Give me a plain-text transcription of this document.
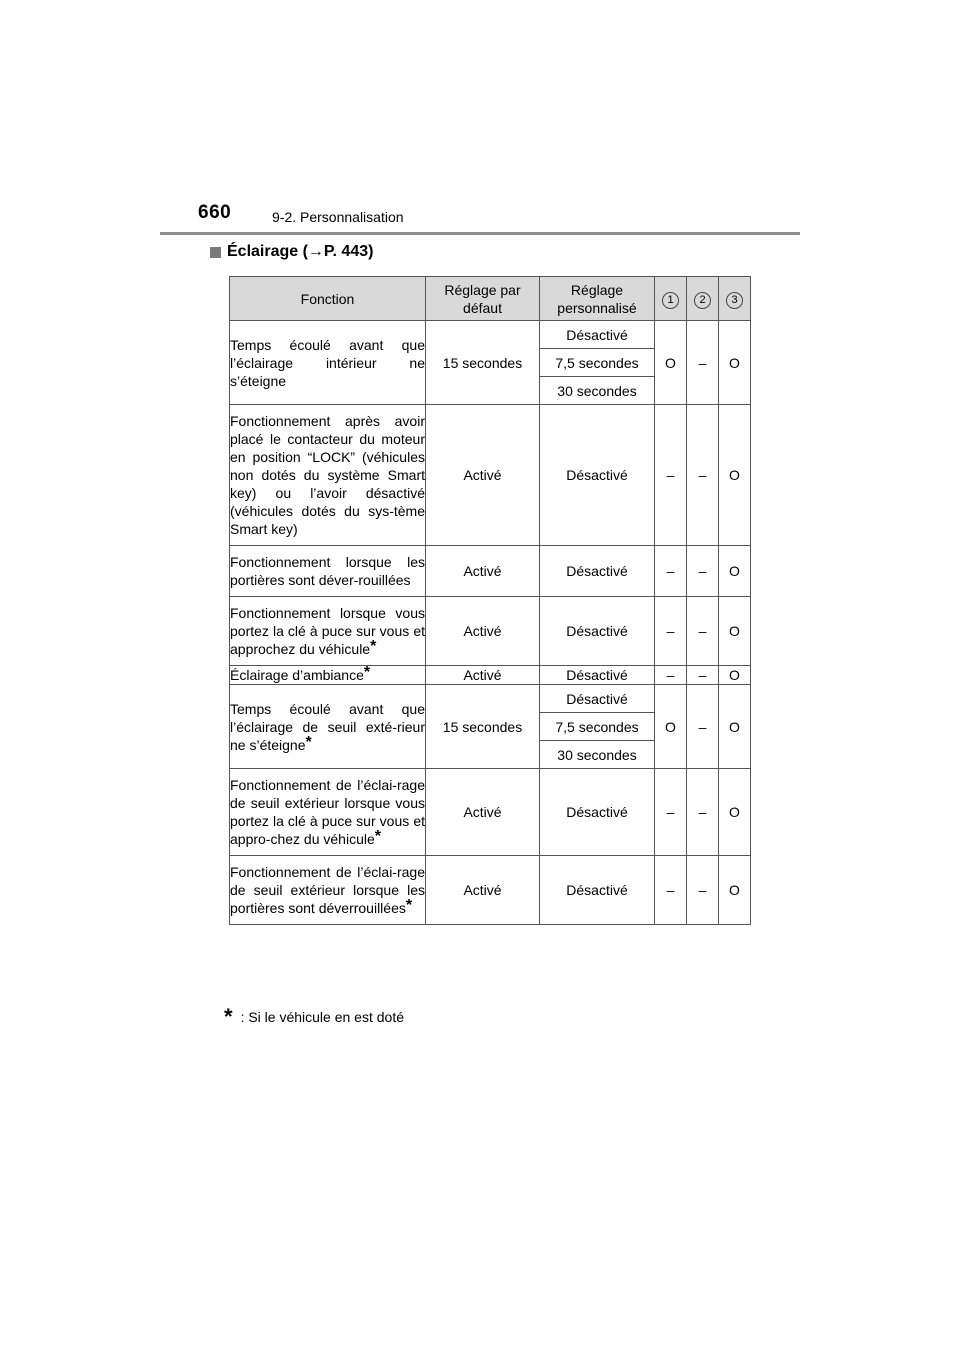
660	9-2. Personnalisation
Éclairage (→P. 443)
Fonction	Réglage par défaut	Réglage personnalisé	1	2	3
Temps écoulé avant que l’éclairage intérieur ne s’éteigne	15 secondes	Désactivé	O	–	O
		7,5 secondes			
		30 secondes			
Fonctionnement après avoir placé le contacteur du moteur en position “LOCK” (véhicules non dotés du système Smart key) ou l’avoir désactivé (véhicules dotés du sys-tème Smart key)	Activé	Désactivé	–	–	O
Fonctionnement lorsque les portières sont déver-rouillées	Activé	Désactivé	–	–	O
Fonctionnement lorsque vous portez la clé à puce sur vous et approchez du véhicule*	Activé	Désactivé	–	–	O
Éclairage d’ambiance*	Activé	Désactivé	–	–	O
Temps écoulé avant que l’éclairage de seuil exté-rieur ne s’éteigne*	15 secondes	Désactivé	O	–	O
		7,5 secondes			
		30 secondes			
Fonctionnement de l’éclai-rage de seuil extérieur lorsque vous portez la clé à puce sur vous et appro-chez du véhicule*	Activé	Désactivé	–	–	O
Fonctionnement de l’éclai-rage de seuil extérieur lorsque les portières sont déverrouillées*	Activé	Désactivé	–	–	O
* : Si le véhicule en est doté
